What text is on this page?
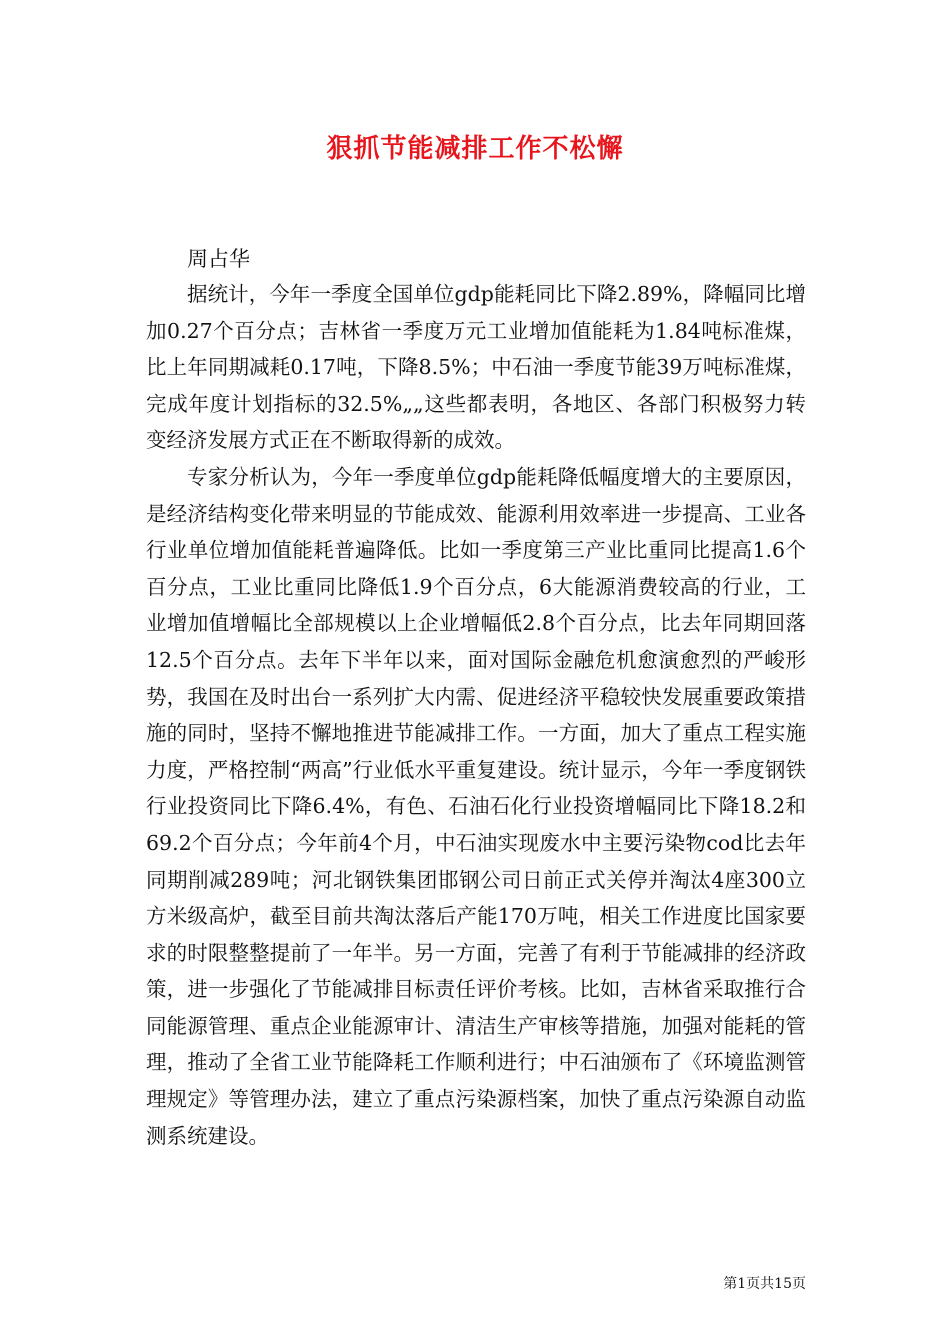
狠抓节能减排工作不松懈
周占华

据统计，今年一季度全国单位gdp能耗同比下降2.89%，降幅同比增加0.27个百分点；吉林省一季度万元工业增加值能耗为1.84吨标准煤，比上年同期减耗0.17吨，下降8.5%；中石油一季度节能39万吨标准煤，完成年度计划指标的32.5%„„这些都表明，各地区、各部门积极努力转变经济发展方式正在不断取得新的成效。

专家分析认为，今年一季度单位gdp能耗降低幅度增大的主要原因，是经济结构变化带来明显的节能成效、能源利用效率进一步提高、工业各行业单位增加值能耗普遍降低。比如一季度第三产业比重同比提高1.6个百分点，工业比重同比降低1.9个百分点，6大能源消费较高的行业，工业增加值增幅比全部规模以上企业增幅低2.8个百分点，比去年同期回落12.5个百分点。去年下半年以来，面对国际金融危机愈演愈烈的严峻形势，我国在及时出台一系列扩大内需、促进经济平稳较快发展重要政策措施的同时，坚持不懈地推进节能减排工作。一方面，加大了重点工程实施力度，严格控制“两高”行业低水平重复建设。统计显示，今年一季度钢铁行业投资同比下降6.4%，有色、石油石化行业投资增幅同比下降18.2和69.2个百分点；今年前4个月，中石油实现废水中主要污染物cod比去年同期削减289吨；河北钢铁集团邯钢公司日前正式关停并淘汰4座300立方米级高炉，截至目前共淘汰落后产能170万吨，相关工作进度比国家要求的时限整整提前了一年半。另一方面，完善了有利于节能减排的经济政策，进一步强化了节能减排目标责任评价考核。比如，吉林省采取推行合同能源管理、重点企业能源审计、清洁生产审核等措施，加强对能耗的管理，推动了全省工业节能降耗工作顺利进行；中石油颁布了《环境监测管理规定》等管理办法，建立了重点污染源档案，加快了重点污染源自动监测系统建设。

第1页共15页
